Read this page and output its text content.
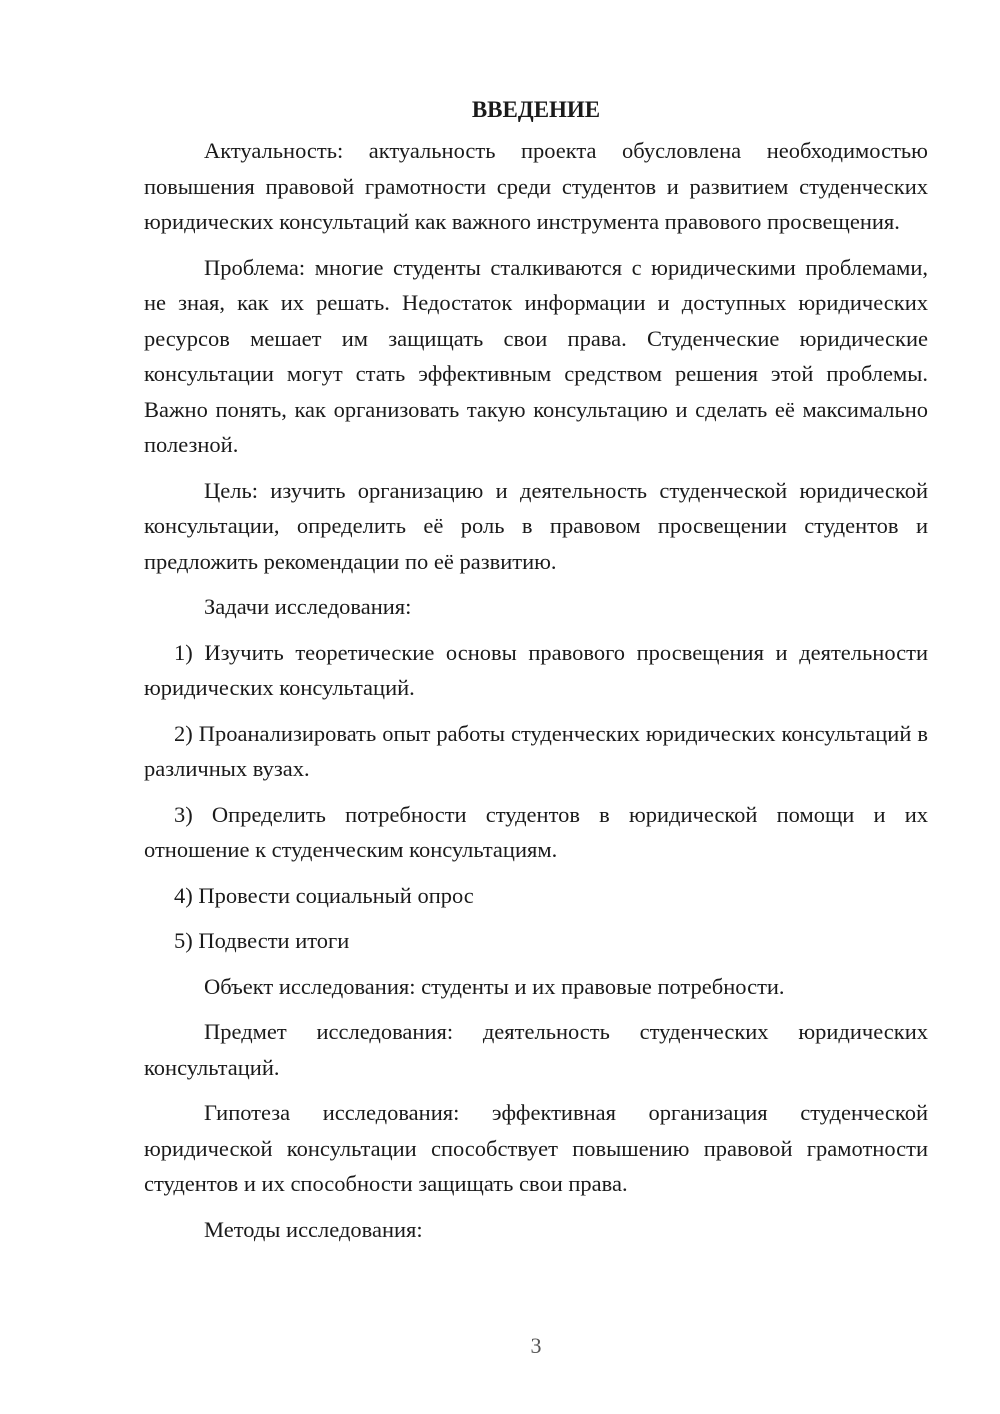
ВВЕДЕНИЕ

Актуальность: актуальность проекта обусловлена необходимостью повышения правовой грамотности среди студентов и развитием студенческих юридических консультаций как важного инструмента правового просвещения.

Проблема: многие студенты сталкиваются с юридическими проблемами, не зная, как их решать. Недостаток информации и доступных юридических ресурсов мешает им защищать свои права. Студенческие юридические консультации могут стать эффективным средством решения этой проблемы. Важно понять, как организовать такую консультацию и сделать её максимально полезной.

Цель: изучить организацию и деятельность студенческой юридической консультации, определить её роль в правовом просвещении студентов и предложить рекомендации по её развитию.

Задачи исследования:

1) Изучить теоретические основы правового просвещения и деятельности юридических консультаций.

2) Проанализировать опыт работы студенческих юридических консультаций в различных вузах.

3) Определить потребности студентов в юридической помощи и их отношение к студенческим консультациям.

4) Провести социальный опрос

5) Подвести итоги

Объект исследования: студенты и их правовые потребности.

Предмет исследования: деятельность студенческих юридических консультаций.

Гипотеза исследования: эффективная организация студенческой юридической консультации способствует повышению правовой грамотности студентов и их способности защищать свои права.

Методы исследования:

3
